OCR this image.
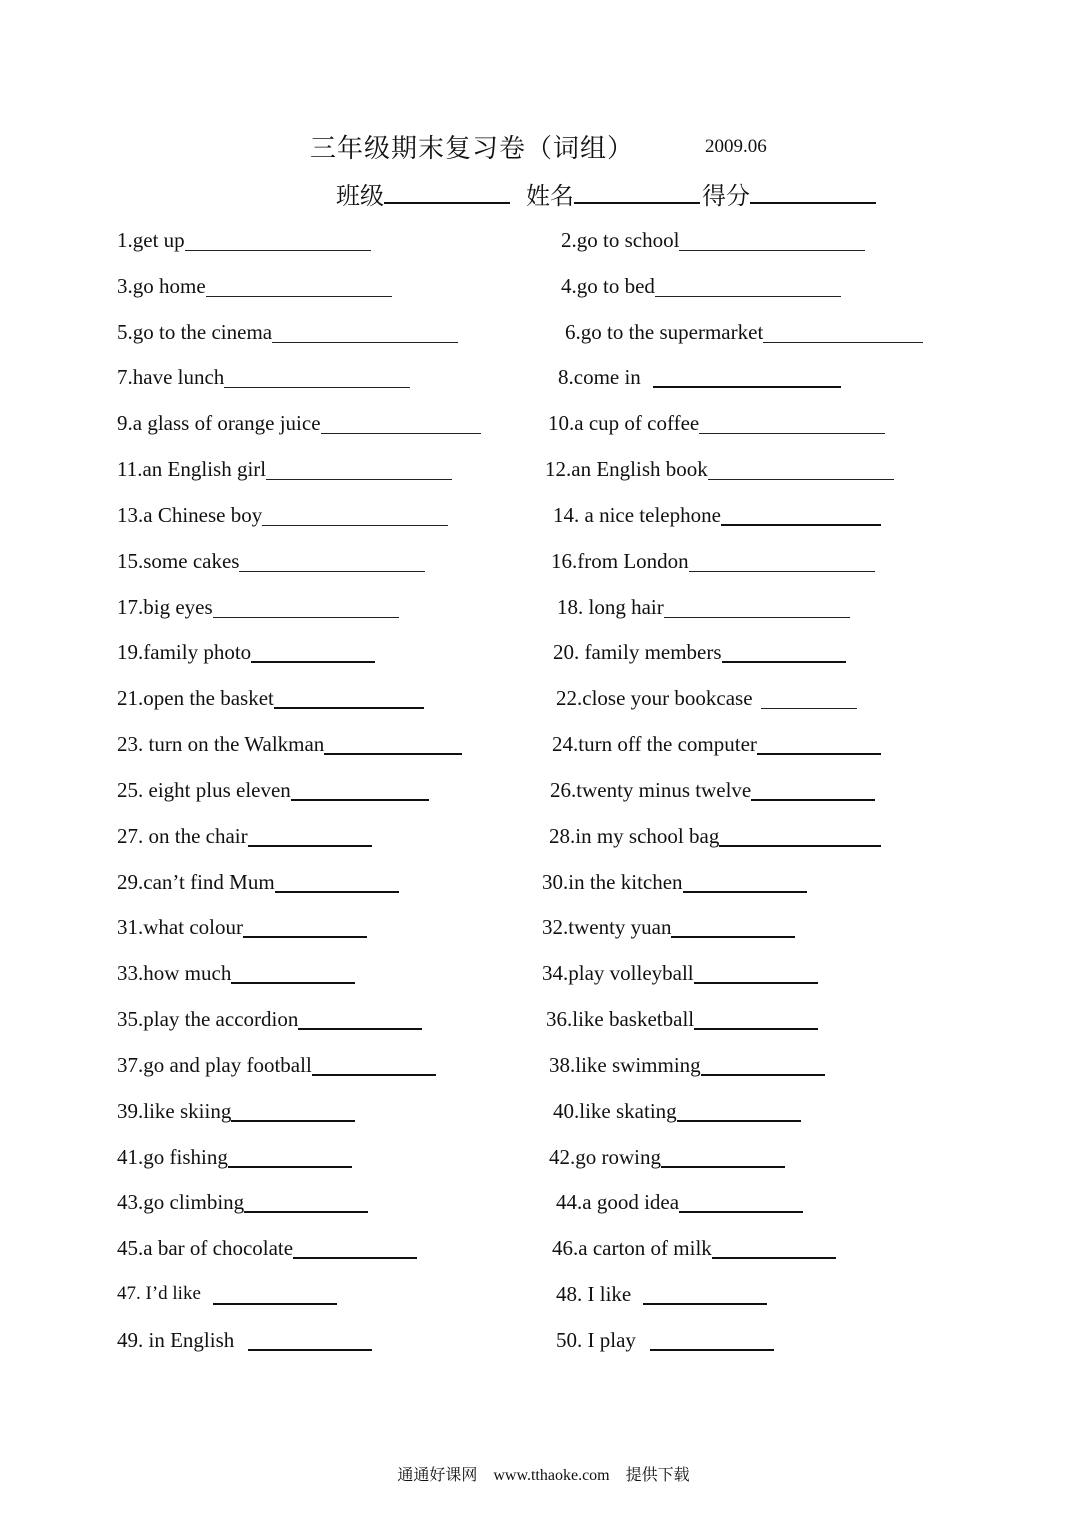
三年级期末复习卷（词组）	2009.06
班级	姓名	得分
1.get up	2.go to school
3.go home	4.go to bed
5.go to the cinema	6.go to the supermarket
7.have lunch	8.come in
9.a glass of orange juice	10.a cup of coffee
11.an English girl	12.an English book
13.a Chinese boy	14. a nice telephone
15.some cakes	16.from London
17.big eyes	18. long hair
19.family photo	20. family members
21.open the basket	22.close your bookcase
23. turn on the Walkman	24.turn off the computer
25. eight plus eleven	26.twenty minus twelve
27. on the chair	28.in my school bag
29.can’t find Mum	30.in the kitchen
31.what colour	32.twenty yuan
33.how much	34.play volleyball
35.play the accordion	36.like basketball
37.go and play football	38.like swimming
39.like skiing	40.like skating
41.go fishing	42.go rowing
43.go climbing	44.a good idea
45.a bar of chocolate	46.a carton of milk
47. I’d like	48. I like
49. in English	50. I play
通通好课网 www.tthaoke.com 提供下载
